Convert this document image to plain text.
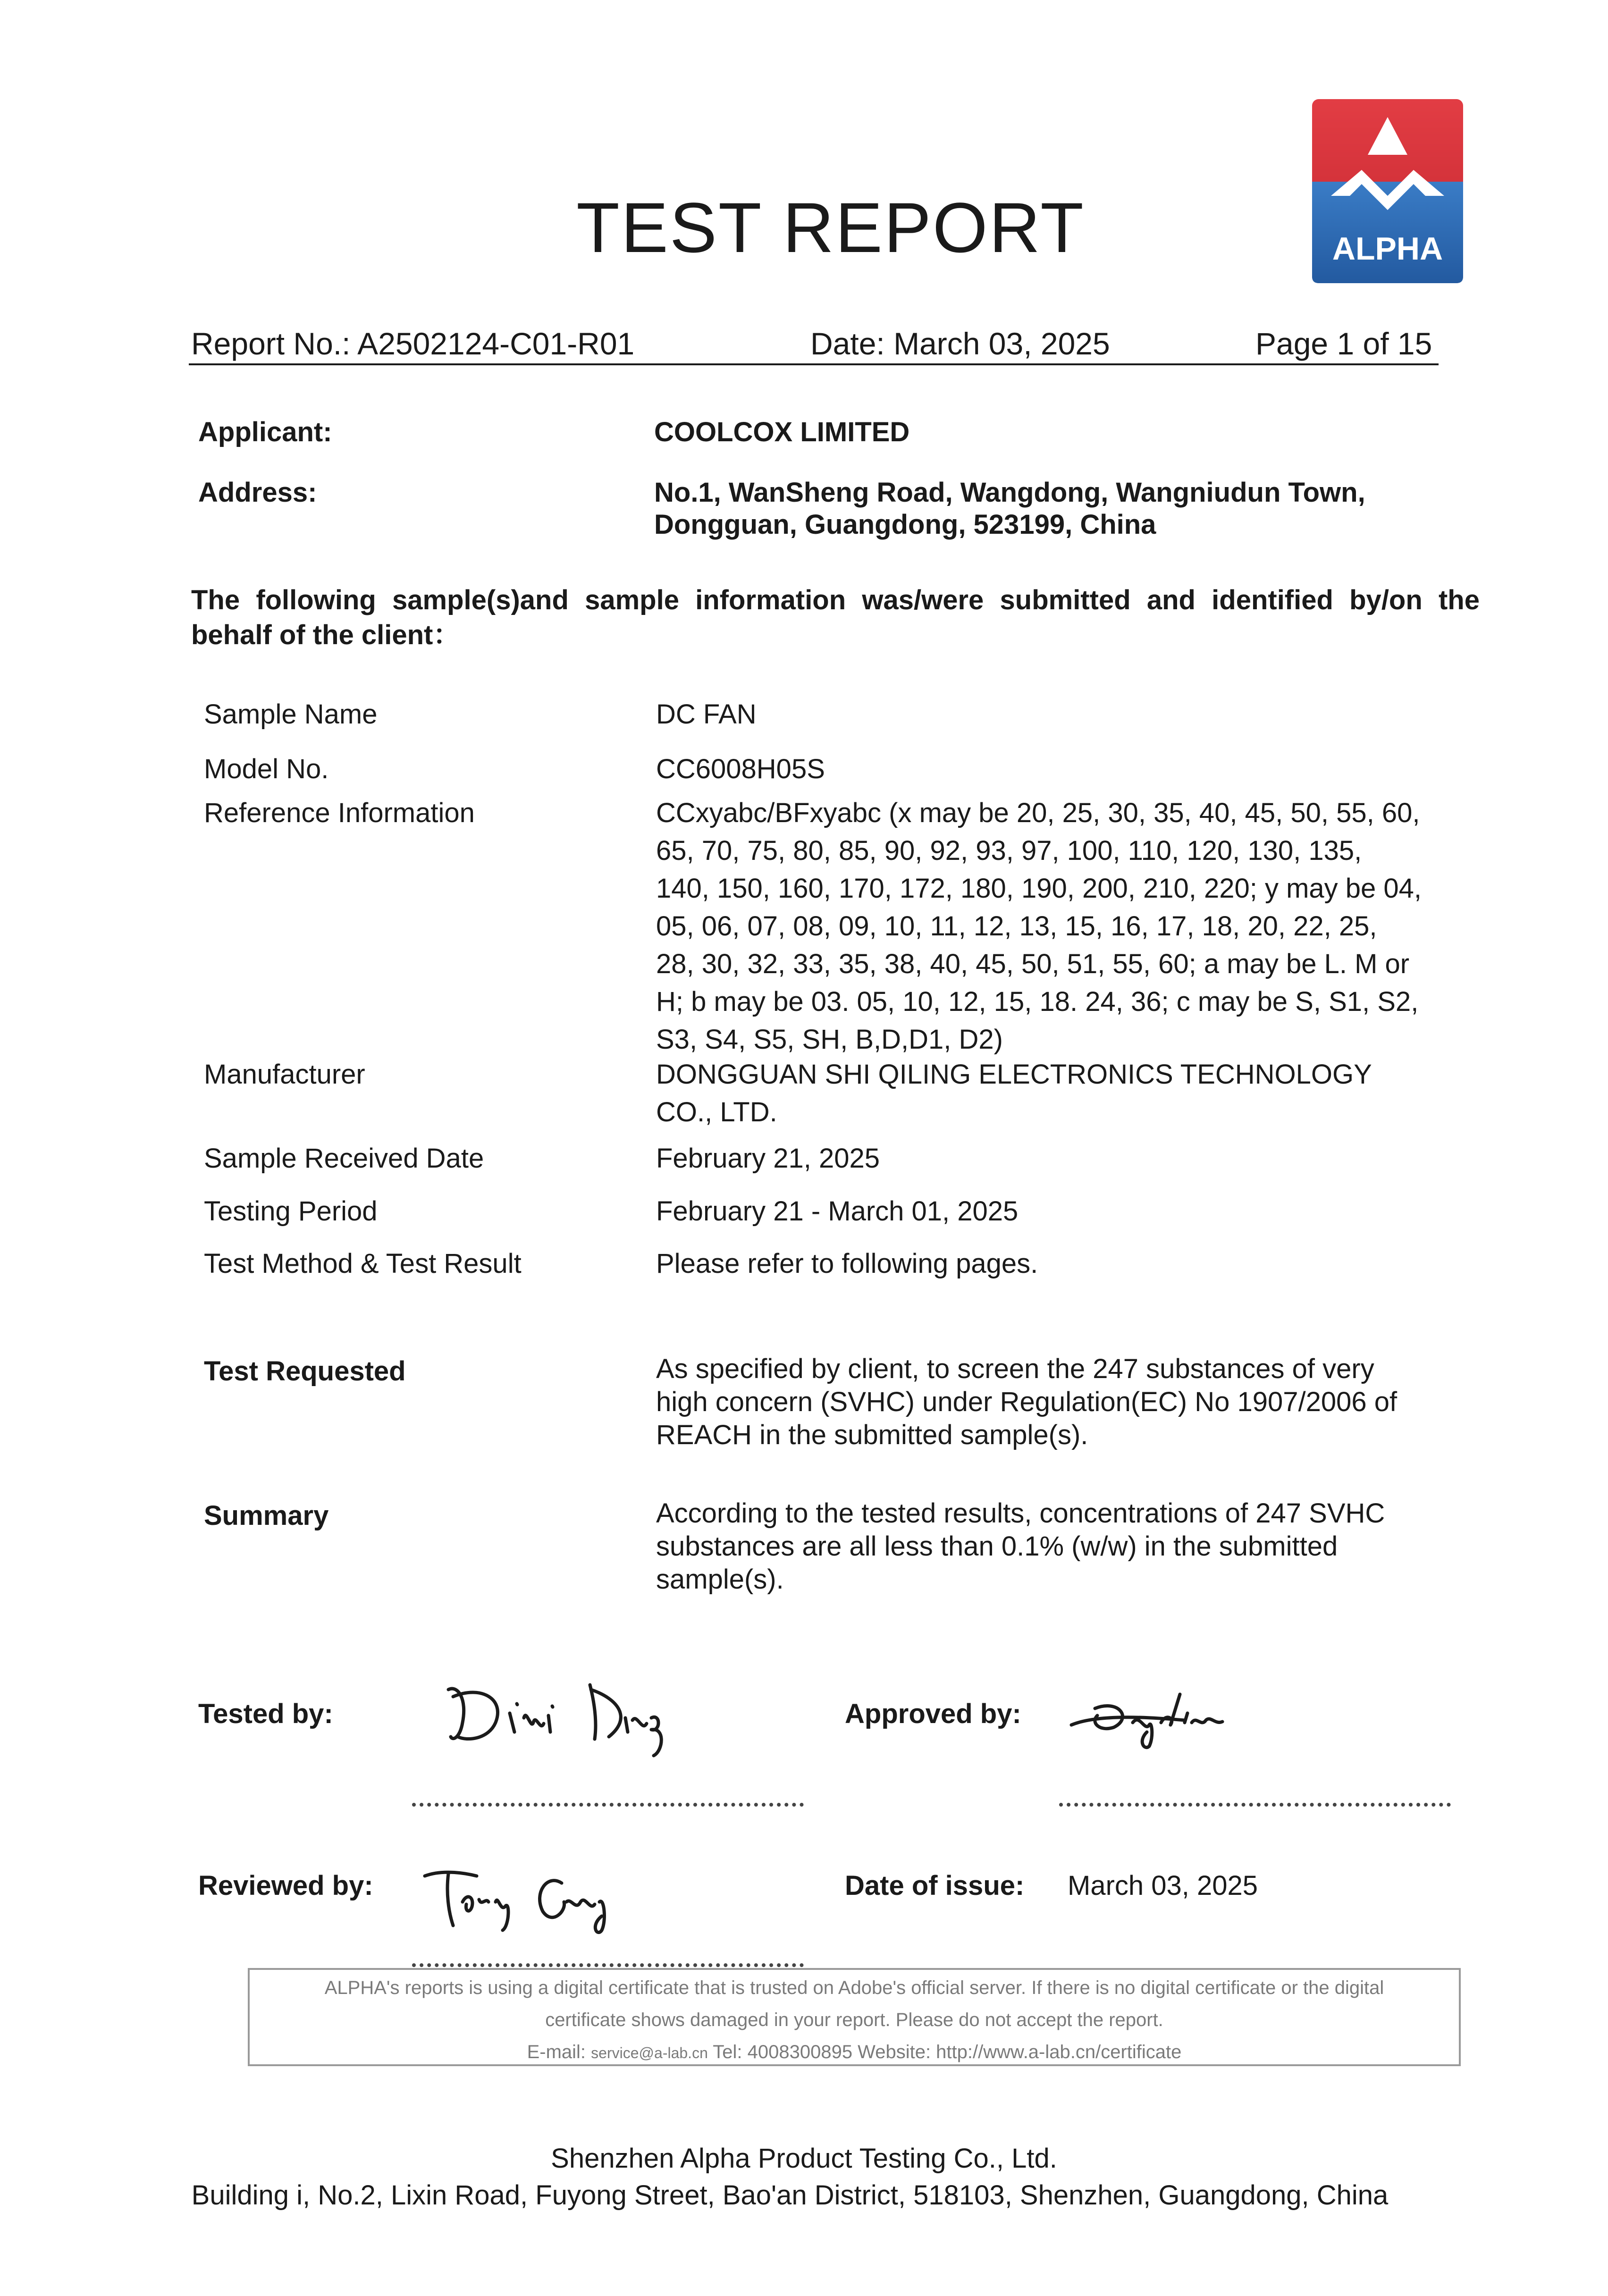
TEST REPORT	ALPHA
Report No.: A2502124-C01-R01	Date: March 03, 2025	Page 1 of 15
Applicant:	COOLCOX LIMITED
Address:	No.1, WanSheng Road, Wangdong, Wangniudun Town,
Dongguan, Guangdong, 523199, China
The following sample(s)and sample information was/were submitted and identified by/on the
behalf of the client：
Sample Name	DC FAN
Model No.	CC6008H05S
Reference Information	CCxyabc/BFxyabc (x may be 20, 25, 30, 35, 40, 45, 50, 55, 60,
65, 70, 75, 80, 85, 90, 92, 93, 97, 100, 110, 120, 130, 135,
140, 150, 160, 170, 172, 180, 190, 200, 210, 220; y may be 04,
05, 06, 07, 08, 09, 10, 11, 12, 13, 15, 16, 17, 18, 20, 22, 25,
28, 30, 32, 33, 35, 38, 40, 45, 50, 51, 55, 60; a may be L. M or
H; b may be 03. 05, 10, 12, 15, 18. 24, 36; c may be S, S1, S2,
S3, S4, S5, SH, B,D,D1, D2)
Manufacturer	DONGGUAN SHI QILING ELECTRONICS TECHNOLOGY
CO., LTD.
Sample Received Date	February 21, 2025
Testing Period	February 21 - March 01, 2025
Test Method & Test Result	Please refer to following pages.
Test Requested	As specified by client, to screen the 247 substances of very
high concern (SVHC) under Regulation(EC) No 1907/2006 of
REACH in the submitted sample(s).
Summary	According to the tested results, concentrations of 247 SVHC
substances are all less than 0.1% (w/w) in the submitted
sample(s).
Tested by:	Approved by:
Reviewed by:	Date of issue: March 03, 2025
ALPHA's reports is using a digital certificate that is trusted on Adobe's official server. If there is no digital certificate or the digital
certificate shows damaged in your report. Please do not accept the report.
E-mail: service@a-lab.cn Tel: 4008300895 Website: http://www.a-lab.cn/certificate
Shenzhen Alpha Product Testing Co., Ltd.
Building i, No.2, Lixin Road, Fuyong Street, Bao'an District, 518103, Shenzhen, Guangdong, China
